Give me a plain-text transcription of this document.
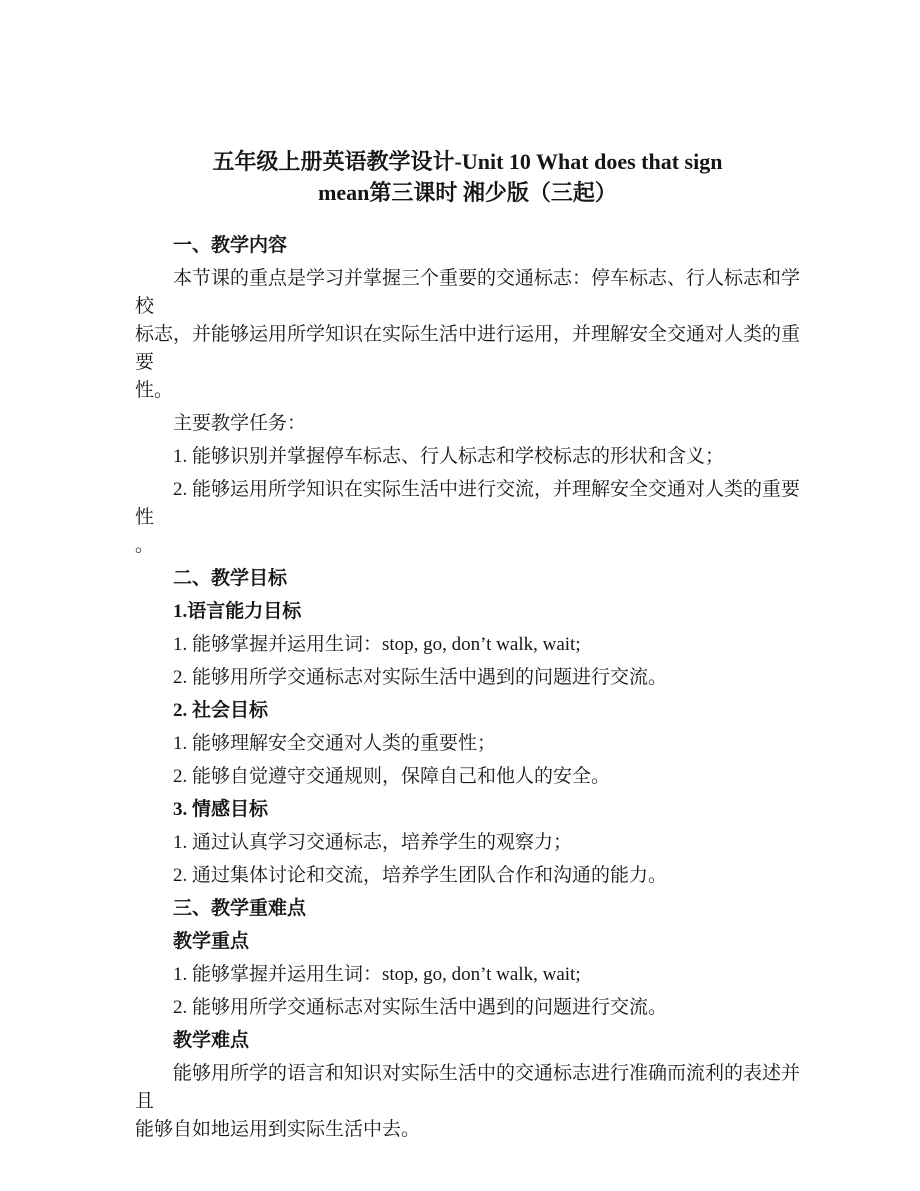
五年级上册英语教学设计-Unit 10 What does that sign
mean第三课时 湘少版（三起）
一、教学内容
本节课的重点是学习并掌握三个重要的交通标志：停车标志、行人标志和学校
标志，并能够运用所学知识在实际生活中进行运用，并理解安全交通对人类的重要
性。
主要教学任务：
1. 能够识别并掌握停车标志、行人标志和学校标志的形状和含义；
2. 能够运用所学知识在实际生活中进行交流，并理解安全交通对人类的重要性
。
二、教学目标
1.语言能力目标
1. 能够掌握并运用生词：stop, go, don’t walk, wait;
2. 能够用所学交通标志对实际生活中遇到的问题进行交流。
2. 社会目标
1. 能够理解安全交通对人类的重要性；
2. 能够自觉遵守交通规则，保障自己和他人的安全。
3. 情感目标
1. 通过认真学习交通标志，培养学生的观察力；
2. 通过集体讨论和交流，培养学生团队合作和沟通的能力。
三、教学重难点
教学重点
1. 能够掌握并运用生词：stop, go, don’t walk, wait;
2. 能够用所学交通标志对实际生活中遇到的问题进行交流。
教学难点
能够用所学的语言和知识对实际生活中的交通标志进行准确而流利的表述并且
能够自如地运用到实际生活中去。
